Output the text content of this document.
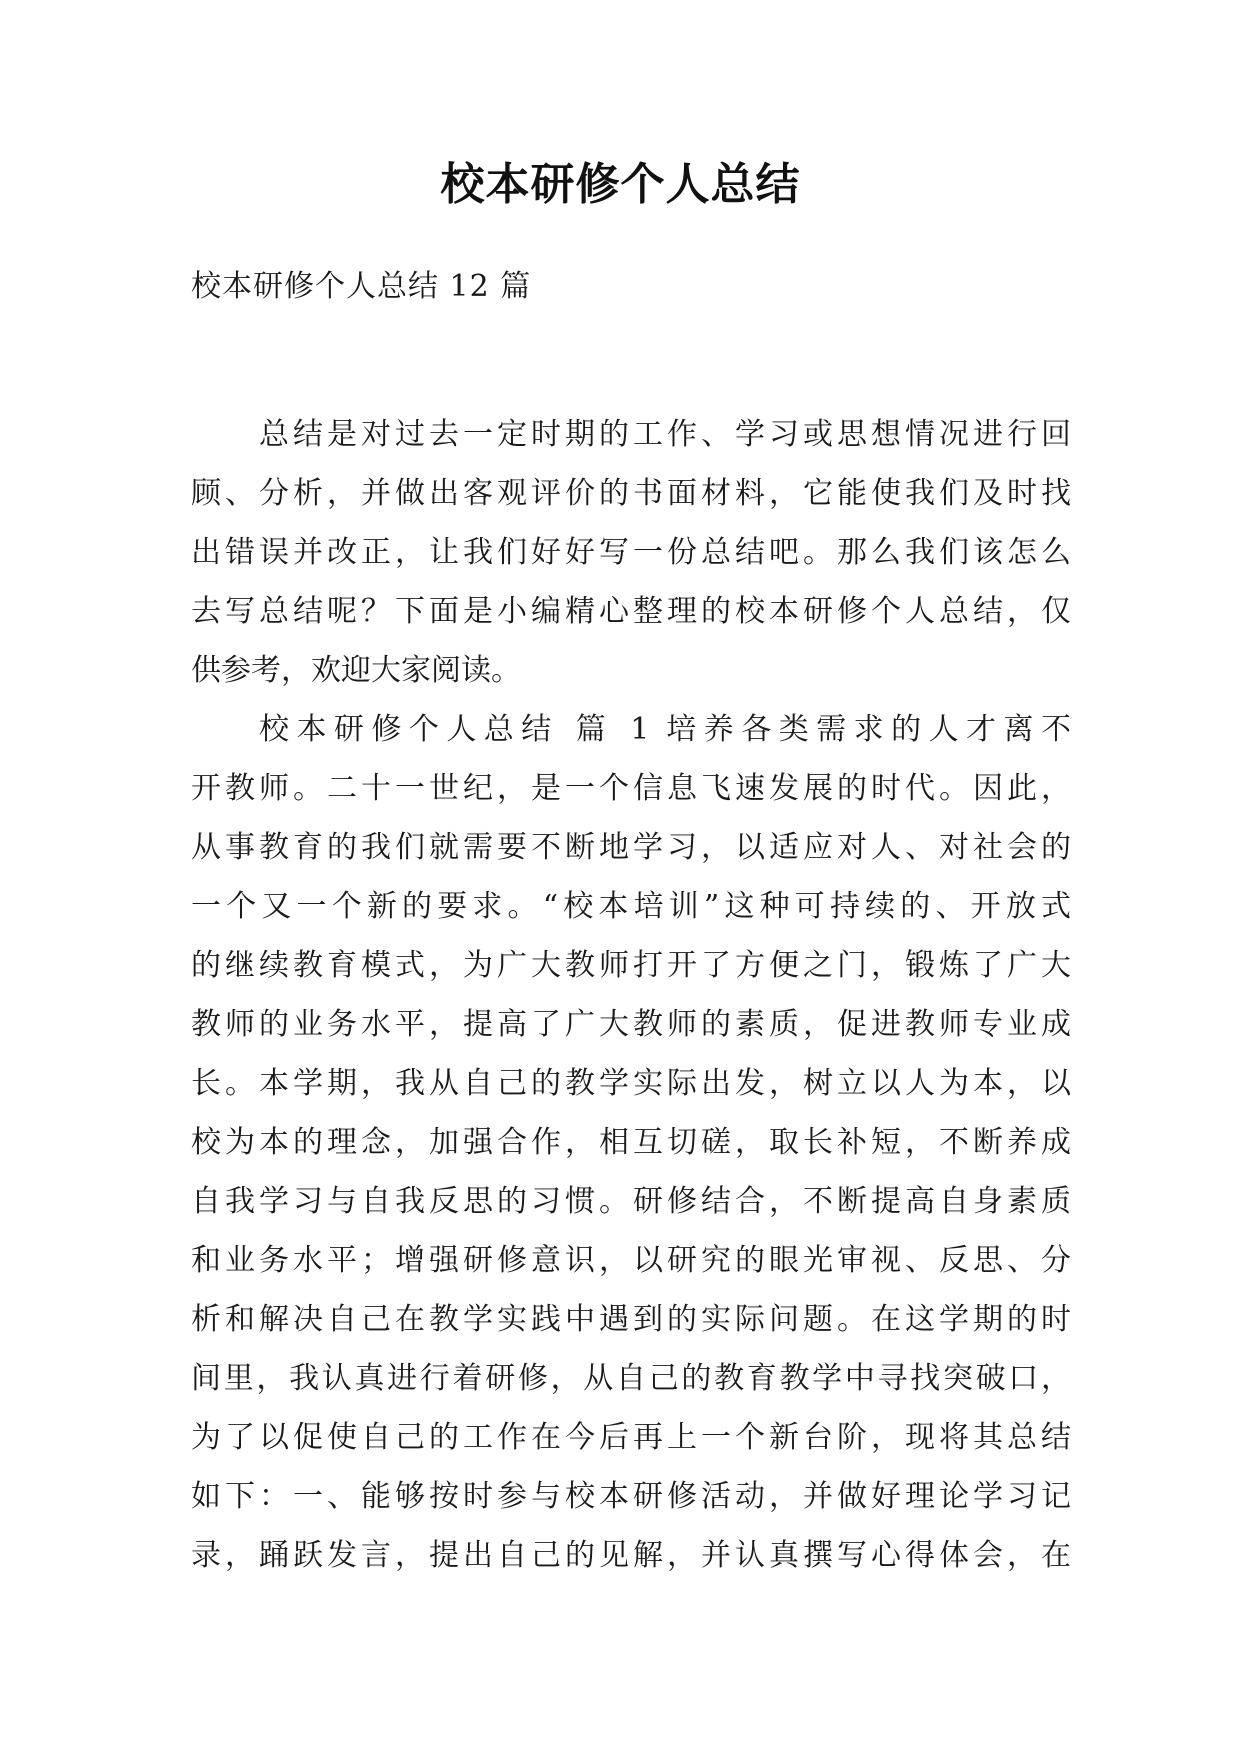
校本研修个人总结

校本研修个人总结 12 篇

总结是对过去一定时期的工作、学习或思想情况进行回
顾、分析，并做出客观评价的书面材料，它能使我们及时找
出错误并改正，让我们好好写一份总结吧。那么我们该怎么
去写总结呢？下面是小编精心整理的校本研修个人总结，仅
供参考，欢迎大家阅读。
校本研修个人总结 篇 1 培养各类需求的人才离不
开教师。二十一世纪，是一个信息飞速发展的时代。因此，
从事教育的我们就需要不断地学习，以适应对人、对社会的
一个又一个新的要求。“校本培训”这种可持续的、开放式
的继续教育模式，为广大教师打开了方便之门，锻炼了广大
教师的业务水平，提高了广大教师的素质，促进教师专业成
长。本学期，我从自己的教学实际出发，树立以人为本，以
校为本的理念，加强合作，相互切磋，取长补短，不断养成
自我学习与自我反思的习惯。研修结合，不断提高自身素质
和业务水平；增强研修意识，以研究的眼光审视、反思、分
析和解决自己在教学实践中遇到的实际问题。在这学期的时
间里，我认真进行着研修，从自己的教育教学中寻找突破口，
为了以促使自己的工作在今后再上一个新台阶，现将其总结
如下：一、能够按时参与校本研修活动，并做好理论学习记
录，踊跃发言，提出自己的见解，并认真撰写心得体会，在
